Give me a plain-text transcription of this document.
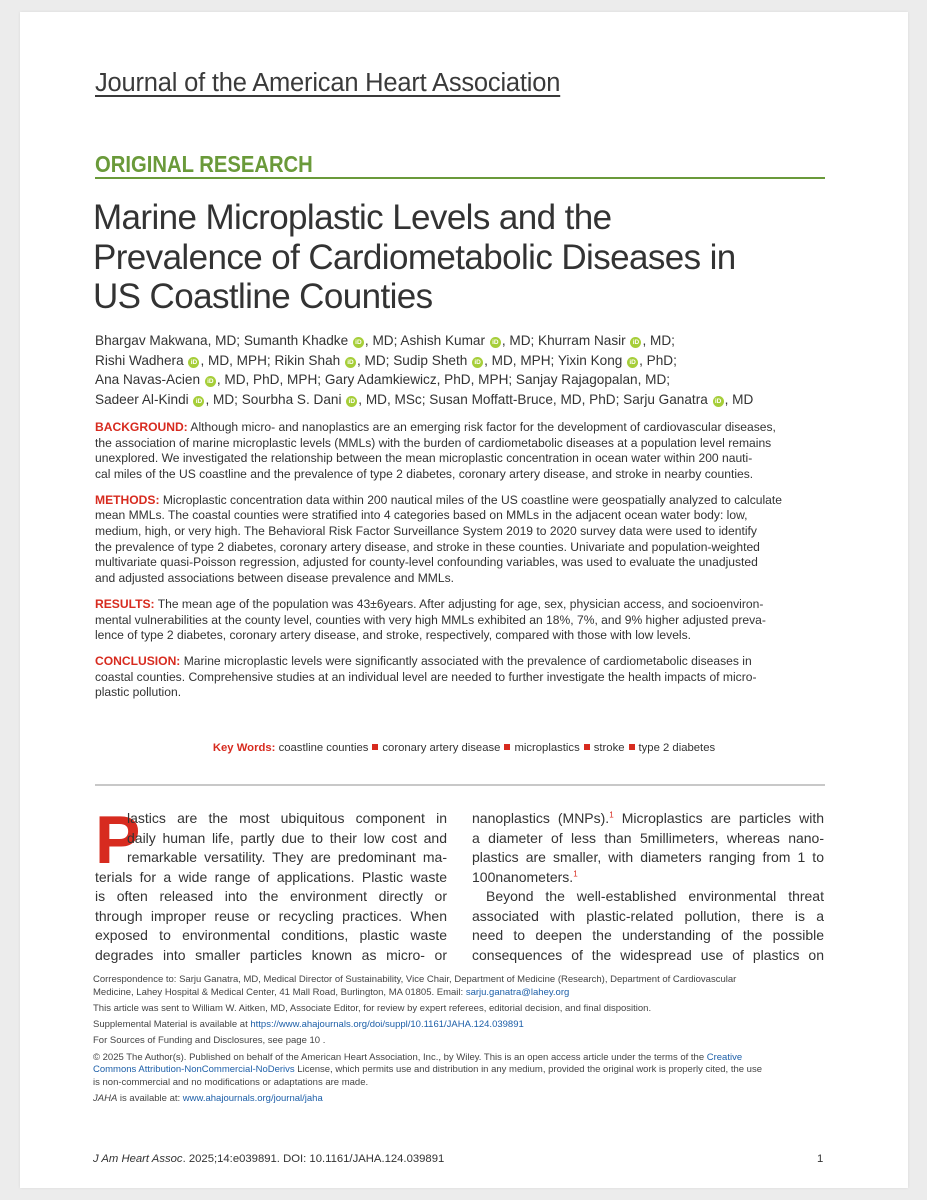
Journal of the American Heart Association
ORIGINAL RESEARCH
Marine Microplastic Levels and the
Prevalence of Cardiometabolic Diseases in
US Coastline Counties
Bhargav Makwana, MD; Sumanth Khadke iD , MD; Ashish Kumar iD , MD; Khurram Nasir iD , MD;
Rishi Wadhera iD , MD, MPH; Rikin Shah iD , MD; Sudip Sheth iD , MD, MPH; Yixin Kong iD , PhD;
Ana Navas-Acien iD , MD, PhD, MPH; Gary Adamkiewicz, PhD, MPH; Sanjay Rajagopalan, MD;
Sadeer Al-Kindi iD , MD; Sourbha S. Dani iD , MD, MSc; Susan Moffatt-Bruce, MD, PhD; Sarju Ganatra iD , MD

BACKGROUND: Although micro- and nanoplastics are an emerging risk factor for the development of cardiovascular diseases,
the association of marine microplastic levels (MMLs) with the burden of cardiometabolic diseases at a population level remains
unexplored. We investigated the relationship between the mean microplastic concentration in ocean water within 200 nauti-
cal miles of the US coastline and the prevalence of type 2 diabetes, coronary artery disease, and stroke in nearby counties.

METHODS: Microplastic concentration data within 200 nautical miles of the US coastline were geospatially analyzed to calculate
mean MMLs. The coastal counties were stratified into 4 categories based on MMLs in the adjacent ocean water body: low,
medium, high, or very high. The Behavioral Risk Factor Surveillance System 2019 to 2020 survey data were used to identify
the prevalence of type 2 diabetes, coronary artery disease, and stroke in these counties. Univariate and population-weighted
multivariate quasi-Poisson regression, adjusted for county-level confounding variables, was used to evaluate the unadjusted
and adjusted associations between disease prevalence and MMLs.

RESULTS: The mean age of the population was 43±6years. After adjusting for age, sex, physician access, and socioenviron-
mental vulnerabilities at the county level, counties with very high MMLs exhibited an 18%, 7%, and 9% higher adjusted preva-
lence of type 2 diabetes, coronary artery disease, and stroke, respectively, compared with those with low levels.

CONCLUSION: Marine microplastic levels were significantly associated with the prevalence of cardiometabolic diseases in
coastal counties. Comprehensive studies at an individual level are needed to further investigate the health impacts of micro-
plastic pollution.

Key Words: coastline counties coronary artery disease microplastics stroke type 2 diabetes
P
lastics are the most ubiquitous component in
daily human life, partly due to their low cost and
remarkable versatility. They are predominant ma-
terials for a wide range of applications. Plastic waste
is often released into the environment directly or
through improper reuse or recycling practices. When
exposed to environmental conditions, plastic waste
degrades into smaller particles known as micro- or
nanoplastics (MNPs).$^1$ Microplastics are particles with
a diameter of less than 5millimeters, whereas nano-
plastics are smaller, with diameters ranging from 1 to
100nanometers.$^1$
Beyond the well-established environmental threat
associated with plastic-related pollution, there is a
need to deepen the understanding of the possible
consequences of the widespread use of plastics on

Correspondence to: Sarju Ganatra, MD, Medical Director of Sustainability, Vice Chair, Department of Medicine (Research), Department of Cardiovascular
Medicine, Lahey Hospital & Medical Center, 41 Mall Road, Burlington, MA 01805. Email: sarju.ganatra@lahey.org

This article was sent to William W. Aitken, MD, Associate Editor, for review by expert referees, editorial decision, and final disposition.

Supplemental Material is available at https://www.ahajournals.org/doi/suppl/10.1161/JAHA.124.039891

For Sources of Funding and Disclosures, see page 10 .

© 2025 The Author(s). Published on behalf of the American Heart Association, Inc., by Wiley. This is an open access article under the terms of the Creative
Commons Attribution-NonCommercial-NoDerivs License, which permits use and distribution in any medium, provided the original work is properly cited, the use
is non-commercial and no modifications or adaptations are made.

JAHA is available at: www.ahajournals.org/journal/jaha

J Am Heart Assoc. 2025;14:e039891. DOI: 10.1161/JAHA.124.039891	1
